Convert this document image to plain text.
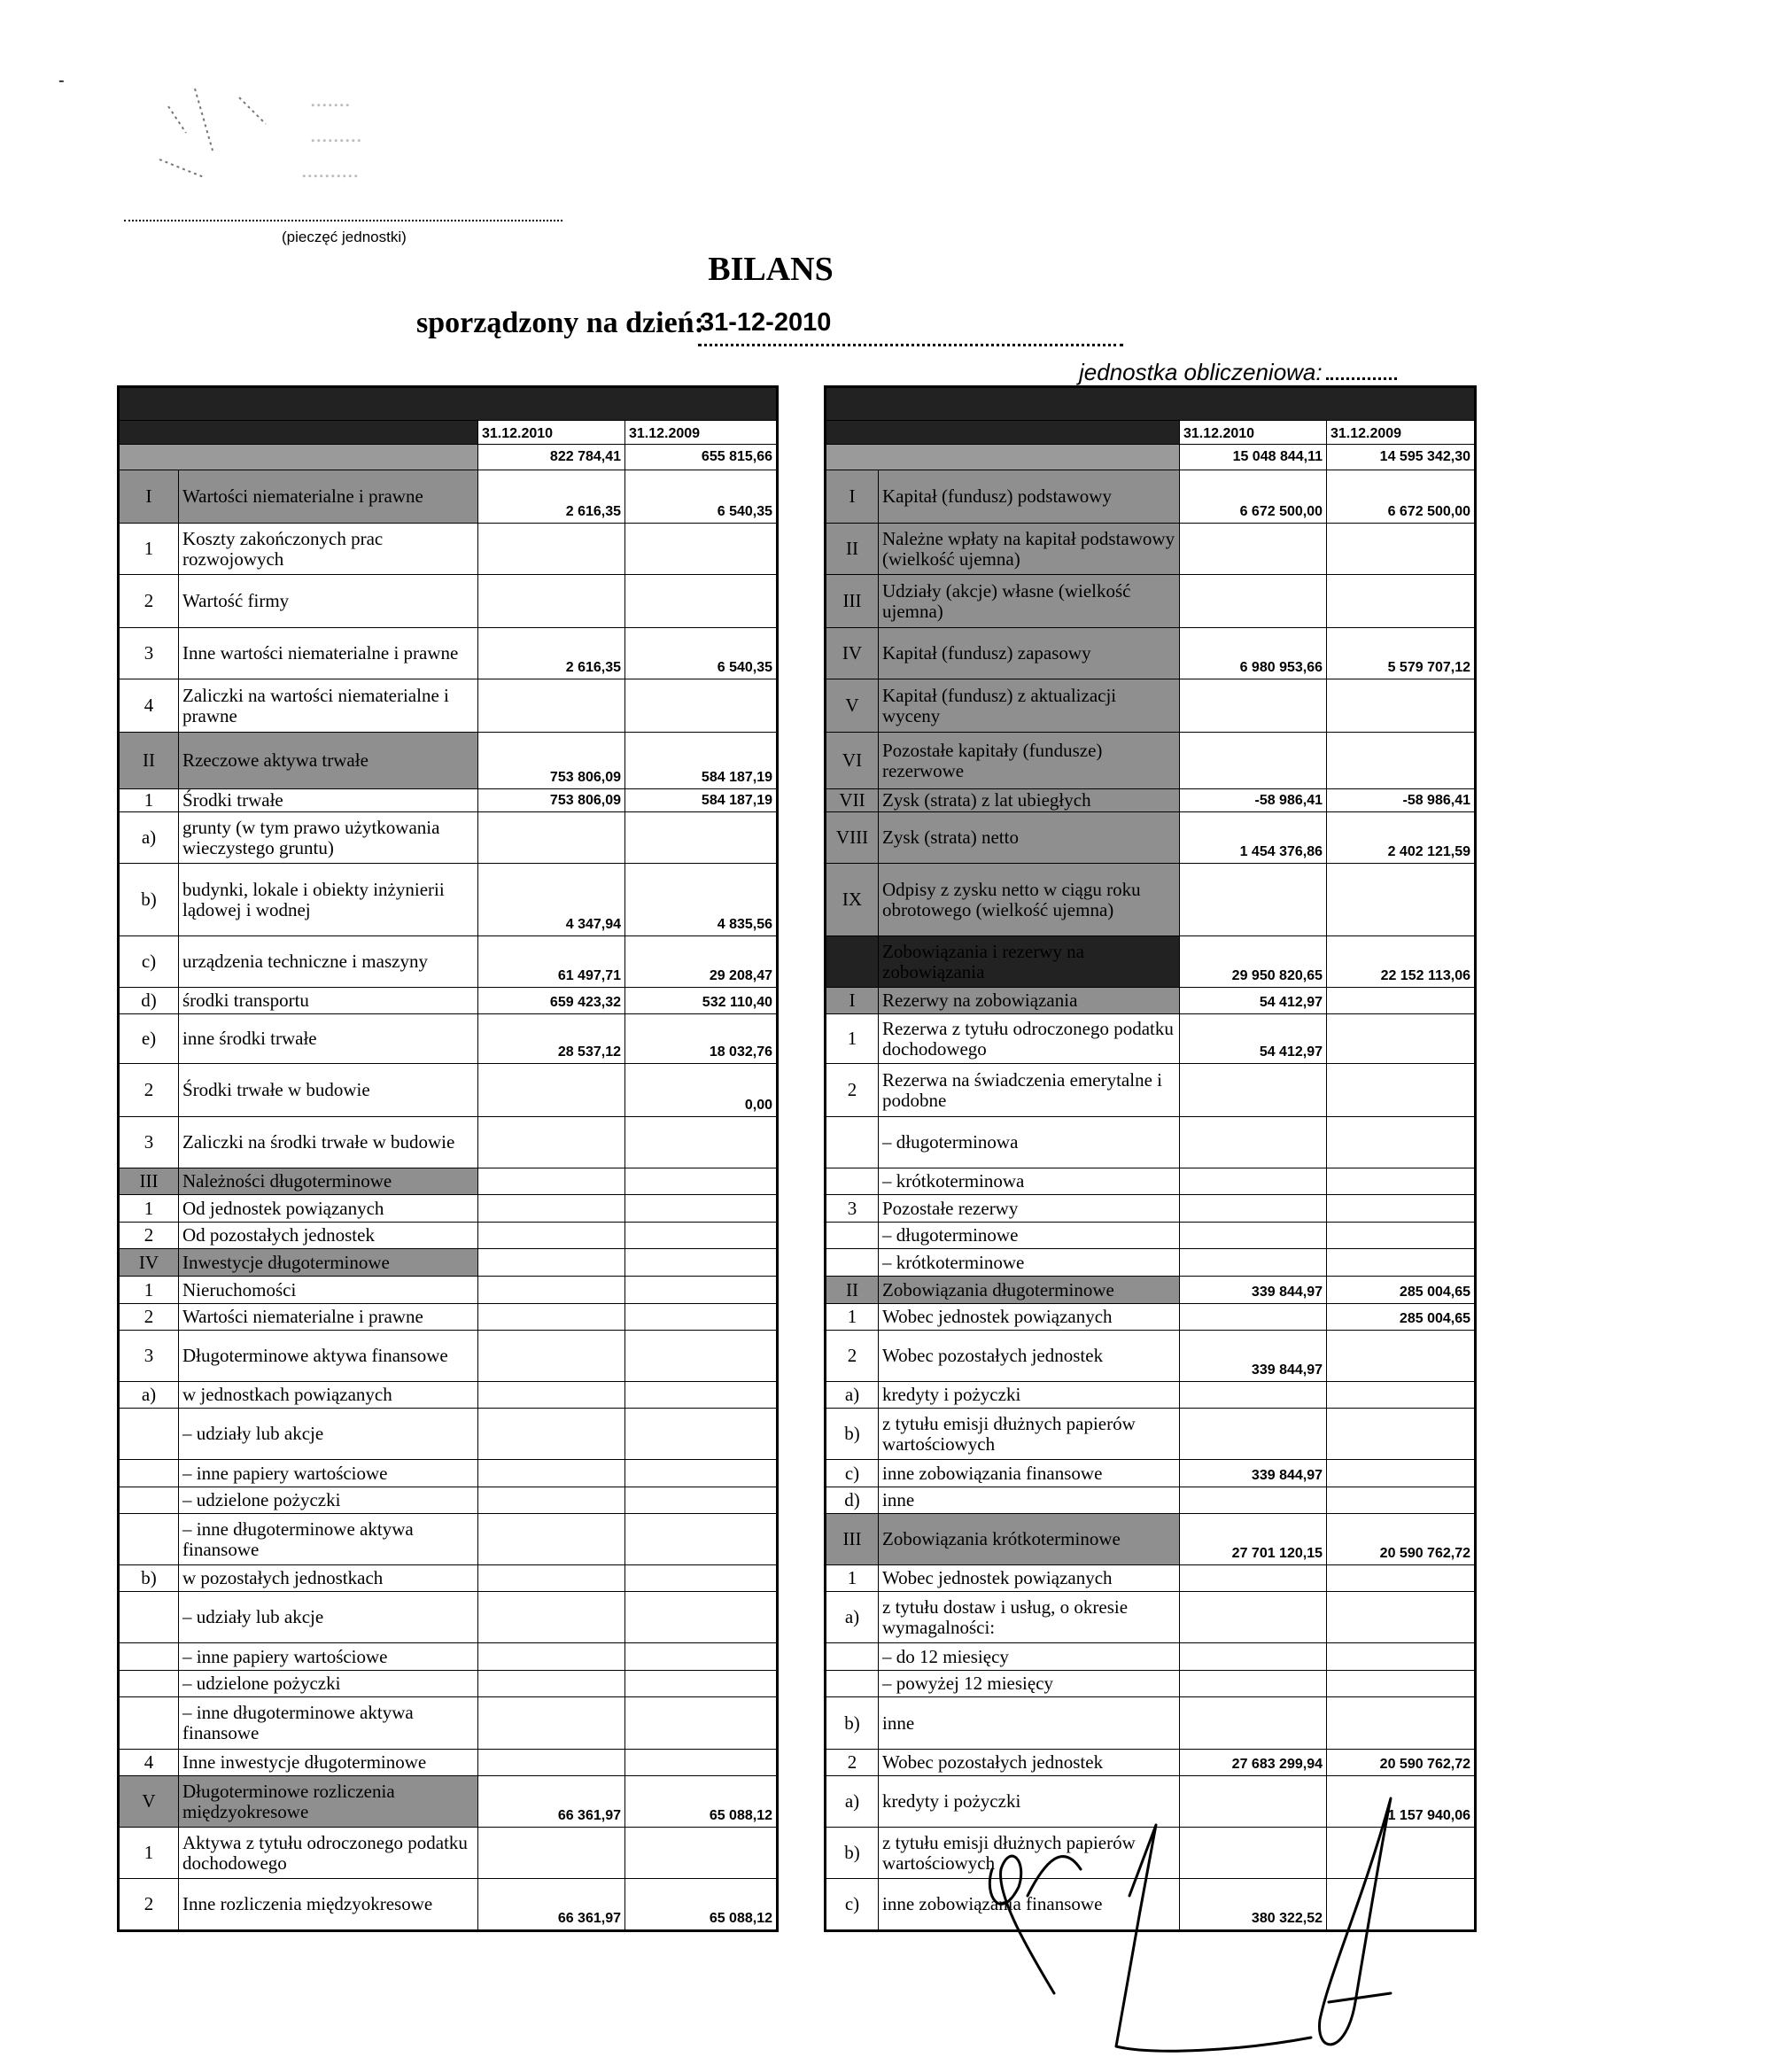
.......
.........
..........
(pieczęć jednostki)
BILANS
sporządzony na dzień:
31-12-2010
jednostka obliczeniowa:

		31.12.2010	31.12.2009
		822 784,41	655 815,66
I	Wartości niematerialne i prawne	2 616,35	6 540,35
1	Koszty zakończonych prac rozwojowych		
2	Wartość firmy		
3	Inne wartości niematerialne i prawne	2 616,35	6 540,35
4	Zaliczki na wartości niematerialne i prawne		
II	Rzeczowe aktywa trwałe	753 806,09	584 187,19
1	Środki trwałe	753 806,09	584 187,19
a)	grunty (w tym prawo użytkowania wieczystego gruntu)		
b)	budynki, lokale i obiekty inżynierii lądowej i wodnej	4 347,94	4 835,56
c)	urządzenia techniczne i maszyny	61 497,71	29 208,47
d)	środki transportu	659 423,32	532 110,40
e)	inne środki trwałe	28 537,12	18 032,76
2	Środki trwałe w budowie		0,00
3	Zaliczki na środki trwałe w budowie		
III	Należności długoterminowe		
1	Od jednostek powiązanych		
2	Od pozostałych jednostek		
IV	Inwestycje długoterminowe		
1	Nieruchomości		
2	Wartości niematerialne i prawne		
3	Długoterminowe aktywa finansowe		
a)	w jednostkach powiązanych		
	– udziały lub akcje		
	– inne papiery wartościowe		
	– udzielone pożyczki		
	– inne długoterminowe aktywa finansowe		
b)	w pozostałych jednostkach		
	– udziały lub akcje		
	– inne papiery wartościowe		
	– udzielone pożyczki		
	– inne długoterminowe aktywa finansowe		
4	Inne inwestycje długoterminowe		
V	Długoterminowe rozliczenia międzyokresowe	66 361,97	65 088,12
1	Aktywa z tytułu odroczonego podatku dochodowego		
2	Inne rozliczenia międzyokresowe	66 361,97	65 088,12

		31.12.2010	31.12.2009
		15 048 844,11	14 595 342,30
I	Kapitał (fundusz) podstawowy	6 672 500,00	6 672 500,00
II	Należne wpłaty na kapitał podstawowy (wielkość ujemna)		
III	Udziały (akcje) własne (wielkość ujemna)		
IV	Kapitał (fundusz) zapasowy	6 980 953,66	5 579 707,12
V	Kapitał (fundusz) z aktualizacji wyceny		
VI	Pozostałe kapitały (fundusze) rezerwowe		
VII	Zysk (strata) z lat ubiegłych	-58 986,41	-58 986,41
VIII	Zysk (strata) netto	1 454 376,86	2 402 121,59
IX	Odpisy z zysku netto w ciągu roku obrotowego (wielkość ujemna)		
	Zobowiązania i rezerwy na zobowiązania	29 950 820,65	22 152 113,06
I	Rezerwy na zobowiązania	54 412,97	
1	Rezerwa z tytułu odroczonego podatku dochodowego	54 412,97	
2	Rezerwa na świadczenia emerytalne i podobne		
	– długoterminowa		
	– krótkoterminowa		
3	Pozostałe rezerwy		
	– długoterminowe		
	– krótkoterminowe		
II	Zobowiązania długoterminowe	339 844,97	285 004,65
1	Wobec jednostek powiązanych		285 004,65
2	Wobec pozostałych jednostek	339 844,97	
a)	kredyty i pożyczki		
b)	z tytułu emisji dłużnych papierów wartościowych		
c)	inne zobowiązania finansowe	339 844,97	
d)	inne		
III	Zobowiązania krótkoterminowe	27 701 120,15	20 590 762,72
1	Wobec jednostek powiązanych		
a)	z tytułu dostaw i usług, o okresie wymagalności:		
	– do 12 miesięcy		
	– powyżej 12 miesięcy		
b)	inne		
2	Wobec pozostałych jednostek	27 683 299,94	20 590 762,72
a)	kredyty i pożyczki		1 157 940,06
b)	z tytułu emisji dłużnych papierów wartościowych		
c)	inne zobowiązania finansowe	380 322,52	
-
